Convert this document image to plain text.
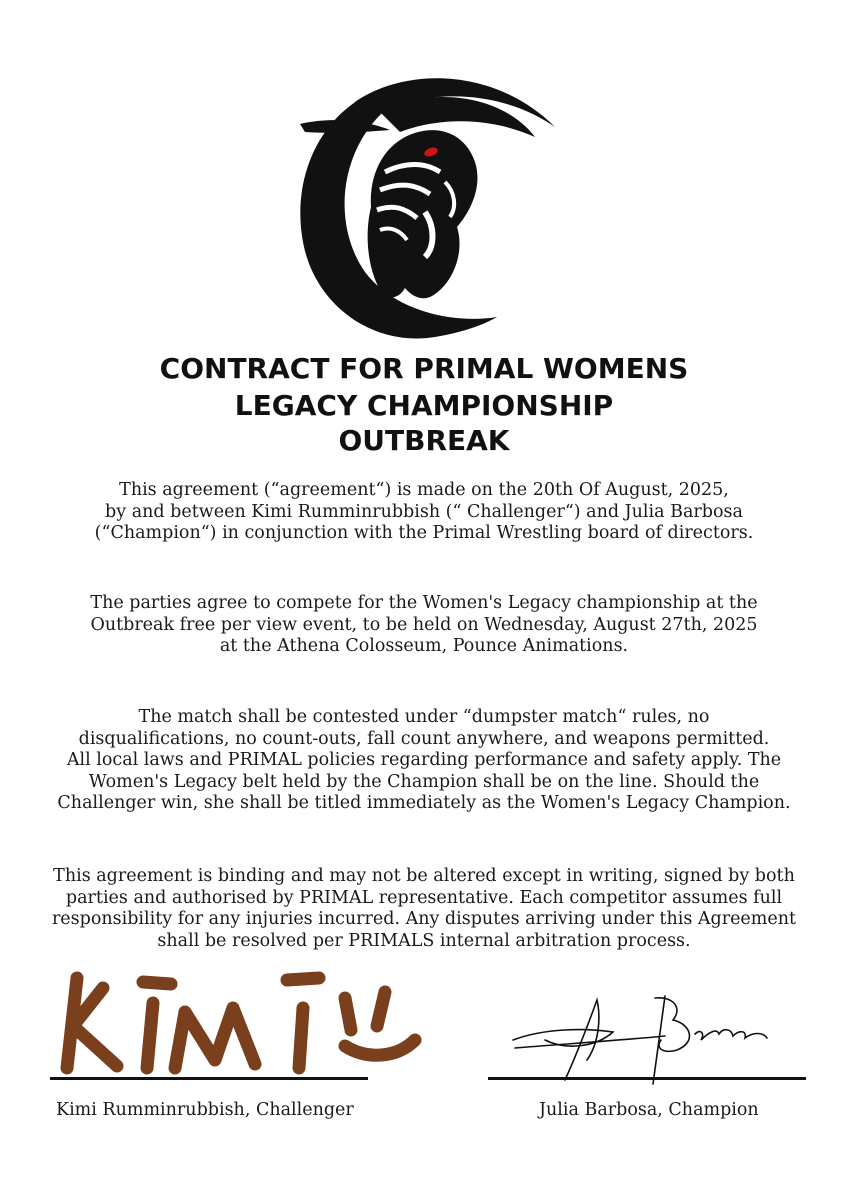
CONTRACT FOR PRIMAL WOMENS
LEGACY CHAMPIONSHIP
OUTBREAK
This agreement (“agreement“) is made on the 20th Of August, 2025,
by and between Kimi Rumminrubbish (“ Challenger“) and Julia Barbosa
(“Champion“) in conjunction with the Primal Wrestling board of directors.
The parties agree to compete for the Women's Legacy championship at the
Outbreak free per view event, to be held on Wednesday, August 27th, 2025
at the Athena Colosseum, Pounce Animations.
The match shall be contested under “dumpster match“ rules, no
disqualifications, no count-outs, fall count anywhere, and weapons permitted.
All local laws and PRIMAL policies regarding performance and safety apply. The
Women's Legacy belt held by the Champion shall be on the line. Should the
Challenger win, she shall be titled immediately as the Women's Legacy Champion.
This agreement is binding and may not be altered except in writing, signed by both
parties and authorised by PRIMAL representative. Each competitor assumes full
responsibility for any injuries incurred. Any disputes arriving under this Agreement
shall be resolved per PRIMALS internal arbitration process.
Kimi Rumminrubbish, Challenger	Julia Barbosa, Champion
